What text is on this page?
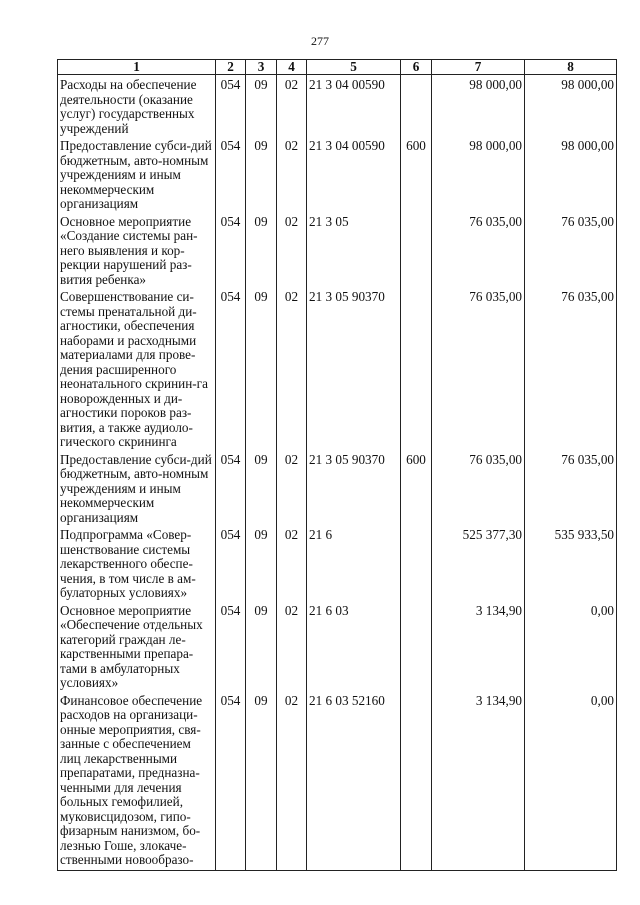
277
1	2	3	4	5	6	7	8
Расходы на обеспечение деятельности (оказание услуг) государственных учреждений	054	09	02	21 3 04 00590		98 000,00	98 000,00
Предоставление субси-дий бюджетным, авто-номным учреждениям и иным некоммерческим организациям	054	09	02	21 3 04 00590	600	98 000,00	98 000,00
Основное мероприятие «Создание системы ран-него выявления и кор-рекции нарушений раз-вития ребенка»	054	09	02	21 3 05		76 035,00	76 035,00
Совершенствование си-стемы пренатальной ди-агностики, обеспечения наборами и расходными материалами для прове-дения расширенного неонатального скринин-га новорожденных и ди-агностики пороков раз-вития, а также аудиоло-гического скрининга	054	09	02	21 3 05 90370		76 035,00	76 035,00
Предоставление субси-дий бюджетным, авто-номным учреждениям и иным некоммерческим организациям	054	09	02	21 3 05 90370	600	76 035,00	76 035,00
Подпрограмма «Совер-шенствование системы лекарственного обеспе-чения, в том числе в ам-булаторных условиях»	054	09	02	21 6		525 377,30	535 933,50
Основное мероприятие «Обеспечение отдельных категорий граждан ле-карственными препара-тами в амбулаторных условиях»	054	09	02	21 6 03		3 134,90	0,00
Финансовое обеспечение расходов на организаци-онные мероприятия, свя-занные с обеспечением лиц лекарственными препаратами, предназна-ченными для лечения больных гемофилией, муковисцидозом, гипо-физарным нанизмом, бо-лезнью Гоше, злокаче-ственными новообразо-	054	09	02	21 6 03 52160		3 134,90	0,00
